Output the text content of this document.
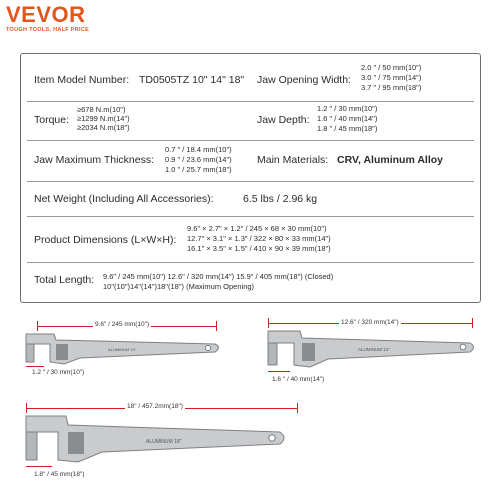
VEVOR
TOUGH TOOLS, HALF PRICE
Item Model Number: TD0505TZ 10" 14" 18" Jaw Opening Width:
2.0 " / 50 mm(10")
3.0 " / 75 mm(14")
3.7 " / 95 mm(18")
Torque:
≥678 N.m(10")
≥1299 N.m(14")
≥2034 N.m(18")
Jaw Depth:
1.2 " / 30 mm(10")
1.6 " / 40 mm(14")
1.8 " / 45 mm(18")
Jaw Maximum Thickness:
0.7 " / 18.4 mm(10")
0.9 " / 23.6 mm(14")
1.0 " / 25.7 mm(18")
Main Materials: CRV, Aluminum Alloy
Net Weight (Including All Accessories):	6.5 lbs / 2.96 kg
Product Dimensions (L×W×H):
9.6" × 2.7" × 1.2" / 245 × 68 × 30 mm(10")
12.7" × 3.1" × 1.3" / 322 × 80 × 33 mm(14")
16.1" × 3.5" × 1.5" / 410 × 90 × 39 mm(18")
Total Length: 9.6" / 245 mm(10") 12.6" / 320 mm(14") 15.9" / 405 mm(18") (Closed)
10"(10")14"(14")18"(18") (Maximum Opening)
9.6" / 245 mm(10")
ALUMINUM 10"
1.2 " / 30 mm(10")
12.6" / 320 mm(14")
ALUMINUM 14"
1.6 " / 40 mm(14")
18" / 457.2mm(18")
ALUMINUM 18"
1.8" / 45 mm(18")
